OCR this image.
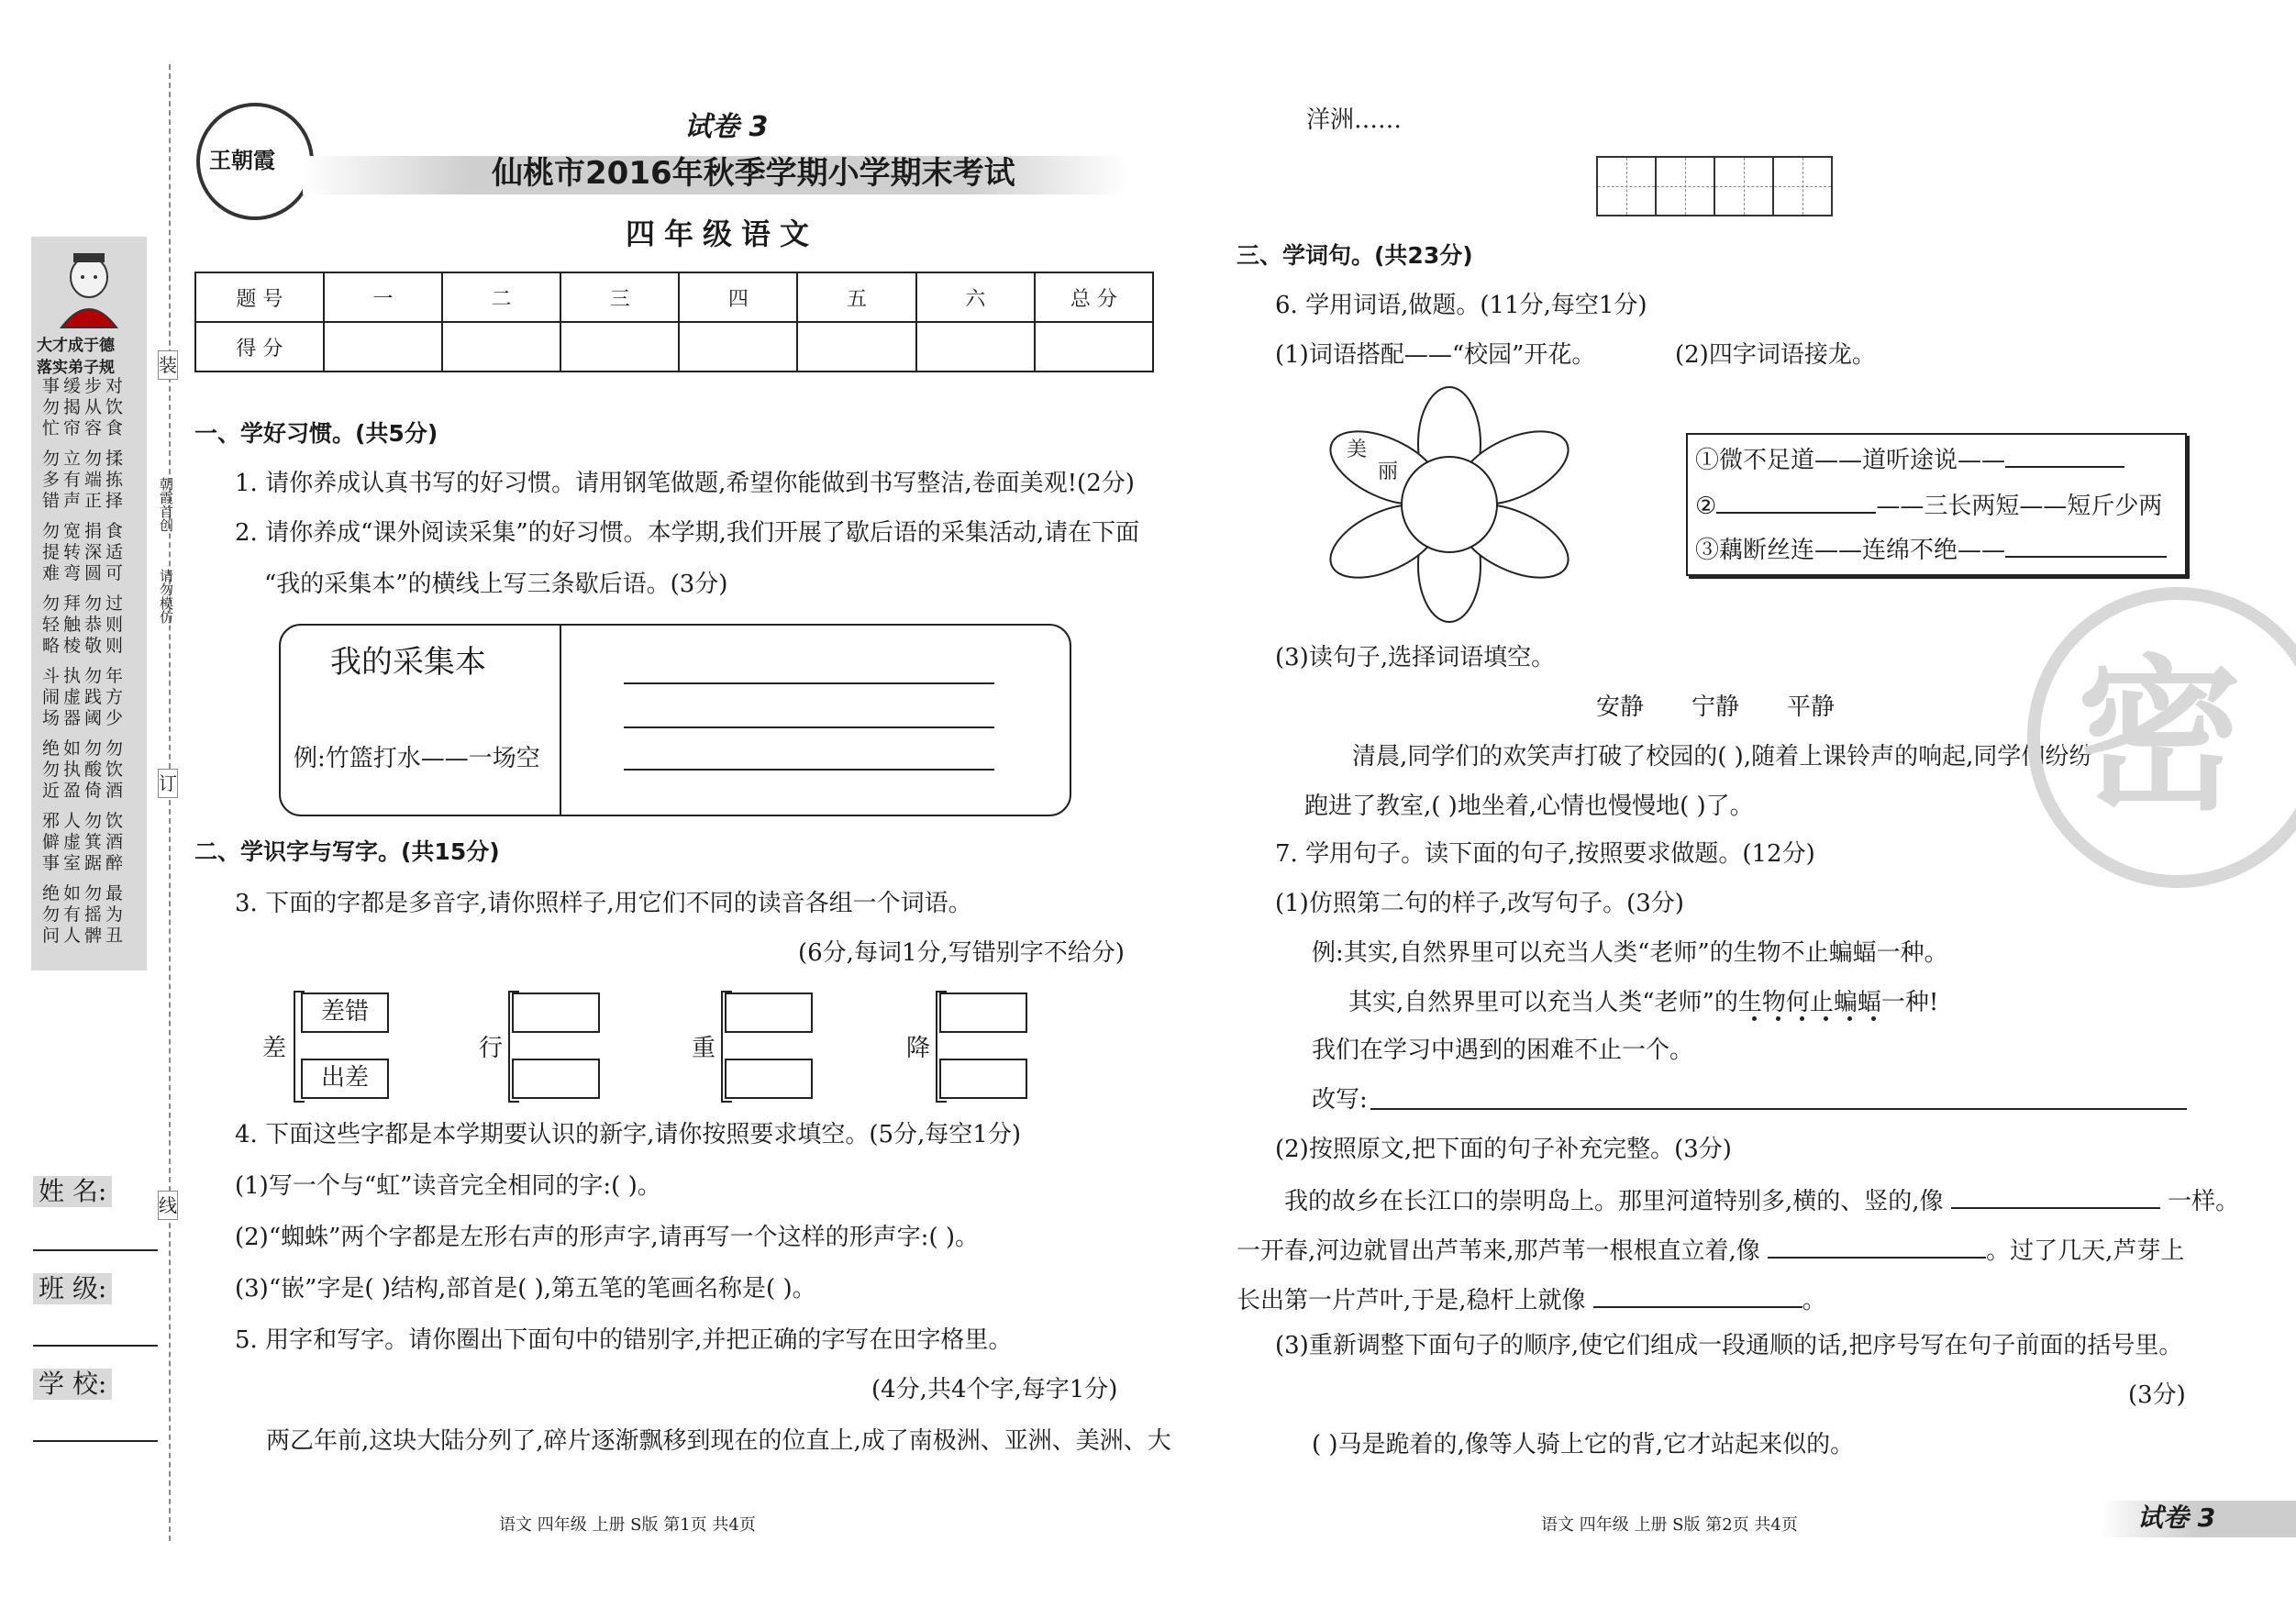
大才成于德
落实弟子规
事缓步对
勿揭从饮
忙帘容食
勿立勿揉
多有端拣
错声正择
勿宽捐食
提转深适
难弯圆可
勿拜勿过
轻触恭则
略棱敬则
斗执勿年
闹虚践方
场器阈少
绝如勿勿
勿执酸饮
近盈倚酒
邪人勿饮
僻虚箕酒
事室踞醉
绝如勿最
勿有摇为
问人髀丑
装
订
线
朝霞首创
请勿模仿
姓 名:
班 级:
学 校:
王朝霞
试卷 3
仙桃市2016年秋季学期小学期末考试
四年级语文
题 号	一	二	三	四	五	六	总 分
得 分							
一、学好习惯。(共5分)
1. 请你养成认真书写的好习惯。请用钢笔做题,希望你能做到书写整洁,卷面美观!(2分)
2. 请你养成“课外阅读采集”的好习惯。本学期,我们开展了歇后语的采集活动,请在下面
“我的采集本”的横线上写三条歇后语。(3分)
我的采集本
例:竹篮打水——一场空
二、学识字与写字。(共15分)
3. 下面的字都是多音字,请你照样子,用它们不同的读音各组一个词语。
(6分,每词1分,写错别字不给分)
差
差错
出差
行	重	降
4. 下面这些字都是本学期要认识的新字,请你按照要求填空。(5分,每空1分)
(1)写一个与“虹”读音完全相同的字:( )。
(2)“蜘蛛”两个字都是左形右声的形声字,请再写一个这样的形声字:( )。
(3)“嵌”字是( )结构,部首是( ),第五笔的笔画名称是( )。
5. 用字和写字。请你圈出下面句中的错别字,并把正确的字写在田字格里。
(4分,共4个字,每字1分)
两乙年前,这块大陆分列了,碎片逐渐飘移到现在的位直上,成了南极洲、亚洲、美洲、大
语文 四年级 上册 S版 第1页 共4页
洋洲……
三、学词句。(共23分)
6. 学用词语,做题。(11分,每空1分)
(1)词语搭配——“校园”开花。	(2)四字词语接龙。
美
丽	①微不足道——道听途说——
②	——三长两短——短斤少两
③藕断丝连——连绵不绝——
(3)读句子,选择词语填空。
安静 宁静 平静
清晨,同学们的欢笑声打破了校园的( ),随着上课铃声的响起,同学们纷纷
跑进了教室,( )地坐着,心情也慢慢地( )了。
7. 学用句子。读下面的句子,按照要求做题。(12分)
(1)仿照第二句的样子,改写句子。(3分)
例:其实,自然界里可以充当人类“老师”的生物不止蝙蝠一种。
其实,自然界里可以充当人类“老师”的生物何止蝙蝠一种!
我们在学习中遇到的困难不止一个。
改写:
(2)按照原文,把下面的句子补充完整。(3分)
我的故乡在长江口的崇明岛上。那里河道特别多,横的、竖的,像	一样。
一开春,河边就冒出芦苇来,那芦苇一根根直立着,像	。过了几天,芦芽上
长出第一片芦叶,于是,稳杆上就像	。
(3)重新调整下面句子的顺序,使它们组成一段通顺的话,把序号写在句子前面的括号里。
(3分)
( )马是跪着的,像等人骑上它的背,它才站起来似的。
语文 四年级 上册 S版 第2页 共4页	试卷 3
密
